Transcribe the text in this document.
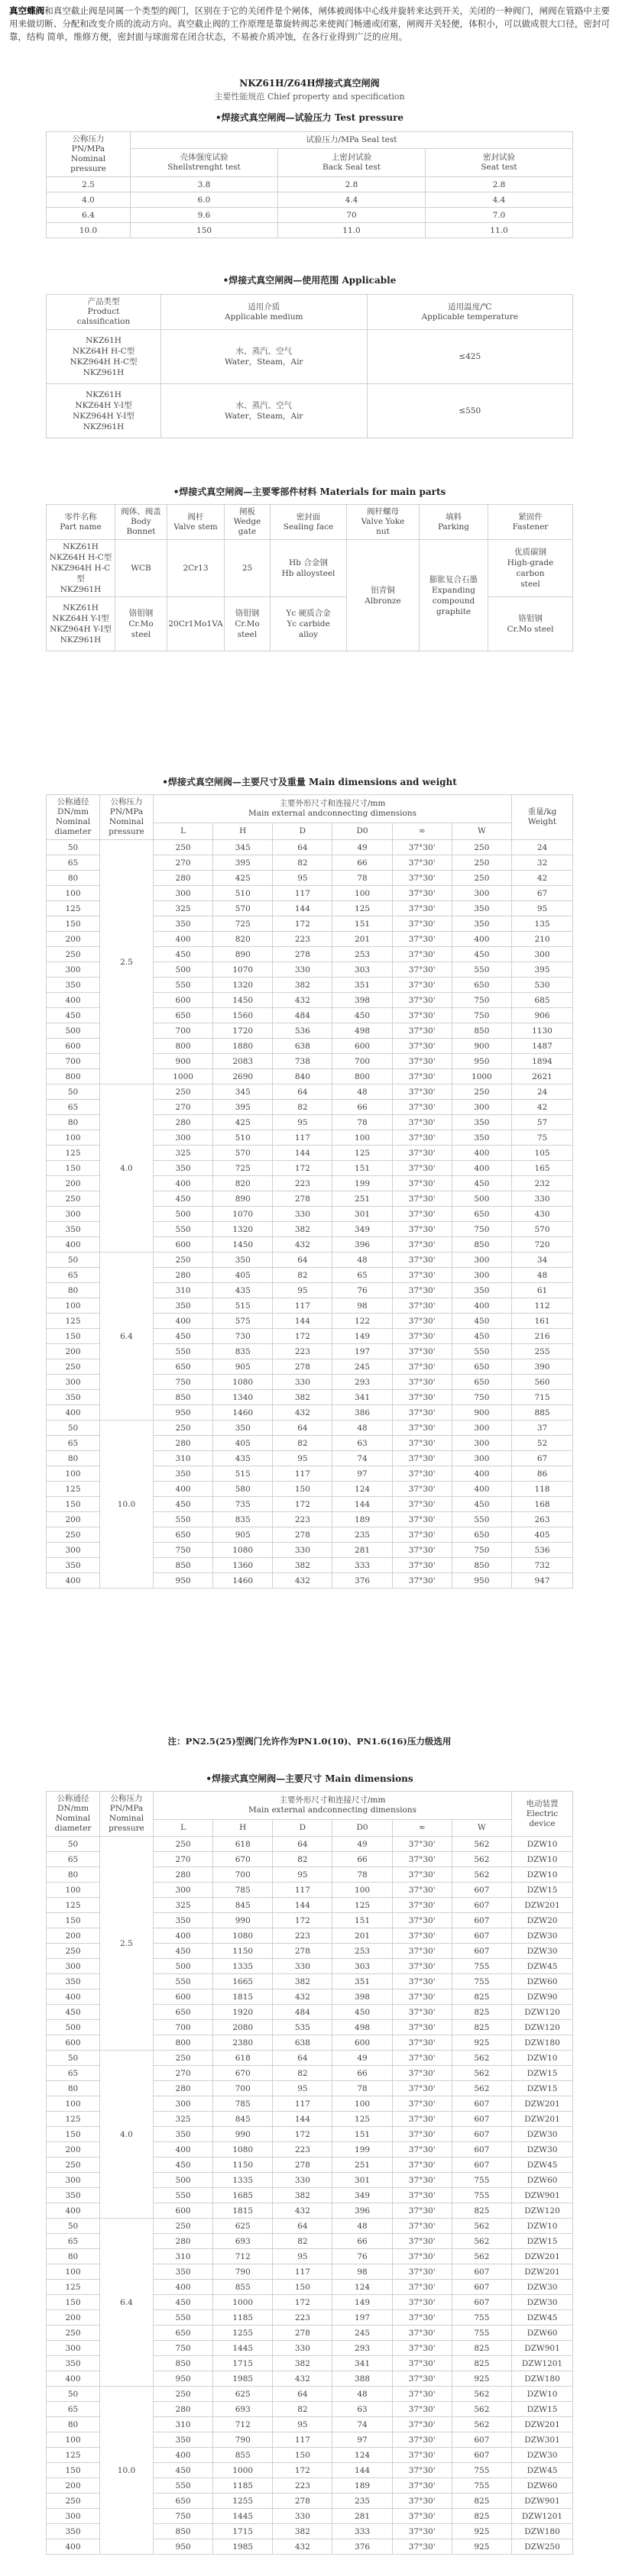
真空蝶阀和真空截止阀是同属一个类型的阀门，区别在于它的关闭件是个闸体，闸体被阀体中心线并旋转来达到开关，关闭的一种阀门，闸阀在管路中主要用来做切断、分配和改变介质的流动方向。真空截止阀的工作原理是靠旋转阀芯来使阀门畅通或闭塞，闸阀开关轻便，体积小，可以做成很大口径，密封可靠，结构 简单，维修方便，密封面与球面常在闭合状态，不易被介质冲蚀，在各行业得到广泛的应用。
NKZ61H/Z64H焊接式真空闸阀
主要性能规范 Chief property and specification
•焊接式真空闸阀—试验压力 Test pressure
公称压力
PN/MPa
Nominal
pressure	试验压力/MPa Seal test		
	壳体强度试验
Shellstrenght test	上密封试验
Back Seal test	密封试验
Seat test
2.5	3.8	2.8	2.8
4.0	6.0	4.4	4.4
6.4	9.6	70	7.0
10.0	150	11.0	11.0
•焊接式真空闸阀—使用范围 Applicable
产品类型
Product
calssification	适用介质
Applicable medium	适用温度/℃
Applicable temperature
NKZ61H
NKZ64H H-C型
NKZ964H H-C型
NKZ961H	水、蒸汽、空气
Water，Steam，Air	≤425
NKZ61H
NKZ64H Y-I型
NKZ964H Y-I型
NKZ961H	水、蒸汽、空气
Water，Steam，Air	≤550
•焊接式真空闸阀—主要零部件材料 Materials for main parts
零件名称
Part name	阀体、阀盖
Body
Bonnet	阀杆
Valve stem	闸板
Wedge
gate	密封面
Sealing face	阀杆螺母
Valve Yoke
nut	填料
Parking	紧固件
Fastener
NKZ61H
NKZ64H H-C型
NKZ964H H-C型
NKZ961H	WCB	2Cr13	25	Hb 合金钢
Hb alloysteel	铝青铜
Albronze	膨胀复合石墨
Expanding
compound
graphite	优质碳钢
High-grade
carbon
steel
NKZ61H
NKZ64H Y-I型
NKZ964H Y-I型
NKZ961H	铬钼钢
Cr.Mo
steel	20Cr1Mo1VA	铬钼钢
Cr.Mo
steel	Yc 硬质合金
Yc carbide
alloy			铬钼钢
Cr.Mo steel
•焊接式真空闸阀—主要尺寸及重量 Main dimensions and weight
公称通径
DN/mm
Nominal
diameter	公称压力
PN/MPa
Nominal
pressure	主要外形尺寸和连接尺寸/mm
Main external andconnecting dimensions						重量/kg
Weight
		L	H	D	D0	∞	W	
50	2.5	250	345	64	49	37°30'	250	24
65		270	395	82	66	37°30'	250	32
80		280	425	95	78	37°30'	250	42
100		300	510	117	100	37°30'	300	67
125		325	570	144	125	37°30'	350	95
150		350	725	172	151	37°30'	350	135
200		400	820	223	201	37°30'	400	210
250		450	890	278	253	37°30'	450	300
300		500	1070	330	303	37°30'	550	395
350		550	1320	382	351	37°30'	650	530
400		600	1450	432	398	37°30'	750	685
450		650	1560	484	450	37°30'	750	906
500		700	1720	536	498	37°30'	850	1130
600		800	1880	638	600	37°30'	900	1487
700		900	2083	738	700	37°30'	950	1894
800		1000	2690	840	800	37°30'	1000	2621
50	4.0	250	345	64	48	37°30'	250	24
65		270	395	82	66	37°30'	300	42
80		280	425	95	78	37°30'	350	57
100		300	510	117	100	37°30'	350	75
125		325	570	144	125	37°30'	400	105
150		350	725	172	151	37°30'	400	165
200		400	820	223	199	37°30'	450	232
250		450	890	278	251	37°30'	500	330
300		500	1070	330	301	37°30'	650	430
350		550	1320	382	349	37°30'	750	570
400		600	1450	432	396	37°30'	850	720
50	6.4	250	350	64	48	37°30'	300	34
65		280	405	82	65	37°30'	300	48
80		310	435	95	76	37°30'	350	61
100		350	515	117	98	37°30'	400	112
125		400	575	144	122	37°30'	450	161
150		450	730	172	149	37°30'	450	216
200		550	835	223	197	37°30'	550	255
250		650	905	278	245	37°30'	650	390
300		750	1080	330	293	37°30'	650	560
350		850	1340	382	341	37°30'	750	715
400		950	1460	432	386	37°30'	900	885
50	10.0	250	350	64	48	37°30'	300	37
65		280	405	82	63	37°30'	300	52
80		310	435	95	74	37°30'	300	67
100		350	515	117	97	37°30'	400	86
125		400	580	150	124	37°30'	400	118
150		450	735	172	144	37°30'	450	168
200		550	835	223	189	37°30'	550	263
250		650	905	278	235	37°30'	650	405
300		750	1080	330	281	37°30'	750	536
350		850	1360	382	333	37°30'	850	732
400		950	1460	432	376	37°30'	950	947
注：PN2.5(25)型阀门允许作为PN1.0(10)、PN1.6(16)压力级选用
•焊接式真空闸阀—主要尺寸 Main dimensions
公称通径
DN/mm
Nominal
diameter	公称压力
PN/MPa
Nominal
pressure	主要外形尺寸和连接尺寸/mm
Main external andconnecting dimensions						电动装置
Electric
device
		L	H	D	D0	∞	W	
50	2.5	250	618	64	49	37°30'	562	DZW10
65		270	670	82	66	37°30'	562	DZW10
80		280	700	95	78	37°30'	562	DZW10
100		300	785	117	100	37°30'	607	DZW15
125		325	845	144	125	37°30'	607	DZW201
150		350	990	172	151	37°30'	607	DZW20
200		400	1080	223	201	37°30'	607	DZW30
250		450	1150	278	253	37°30'	607	DZW30
300		500	1335	330	303	37°30'	755	DZW45
350		550	1665	382	351	37°30'	755	DZW60
400		600	1815	432	398	37°30'	825	DZW90
450		650	1920	484	450	37°30'	825	DZW120
500		700	2080	535	498	37°30'	825	DZW120
600		800	2380	638	600	37°30'	925	DZW180
50	4.0	250	618	64	49	37°30'	562	DZW10
65		270	670	82	66	37°30'	562	DZW15
80		280	700	95	78	37°30'	562	DZW15
100		300	785	117	100	37°30'	607	DZW201
125		325	845	144	125	37°30'	607	DZW201
150		350	990	172	151	37°30'	607	DZW30
200		400	1080	223	199	37°30'	607	DZW30
250		450	1150	278	251	37°30'	607	DZW45
300		500	1335	330	301	37°30'	755	DZW60
350		550	1685	382	349	37°30'	755	DZW901
400		600	1815	432	396	37°30'	825	DZW120
50	6.4	250	625	64	48	37°30'	562	DZW10
65		280	693	82	66	37°30'	562	DZW15
80		310	712	95	76	37°30'	562	DZW201
100		350	790	117	98	37°30'	607	DZW201
125		400	855	150	124	37°30'	607	DZW30
150		450	1000	172	149	37°30'	607	DZW30
200		550	1185	223	197	37°30'	755	DZW45
250		650	1255	278	245	37°30'	755	DZW60
300		750	1445	330	293	37°30'	825	DZW901
350		850	1715	382	341	37°30'	825	DZW1201
400		950	1985	432	388	37°30'	925	DZW180
50	10.0	250	625	64	48	37°30'	562	DZW10
65		280	693	82	63	37°30'	562	DZW15
80		310	712	95	74	37°30'	562	DZW201
100		350	790	117	97	37°30'	607	DZW301
125		400	855	150	124	37°30'	607	DZW30
150		450	1000	172	144	37°30'	755	DZW45
200		550	1185	223	189	37°30'	755	DZW60
250		650	1255	278	235	37°30'	825	DZW901
300		750	1445	330	281	37°30'	825	DZW1201
350		850	1715	382	333	37°30'	925	DZW180
400		950	1985	432	376	37°30'	925	DZW250
